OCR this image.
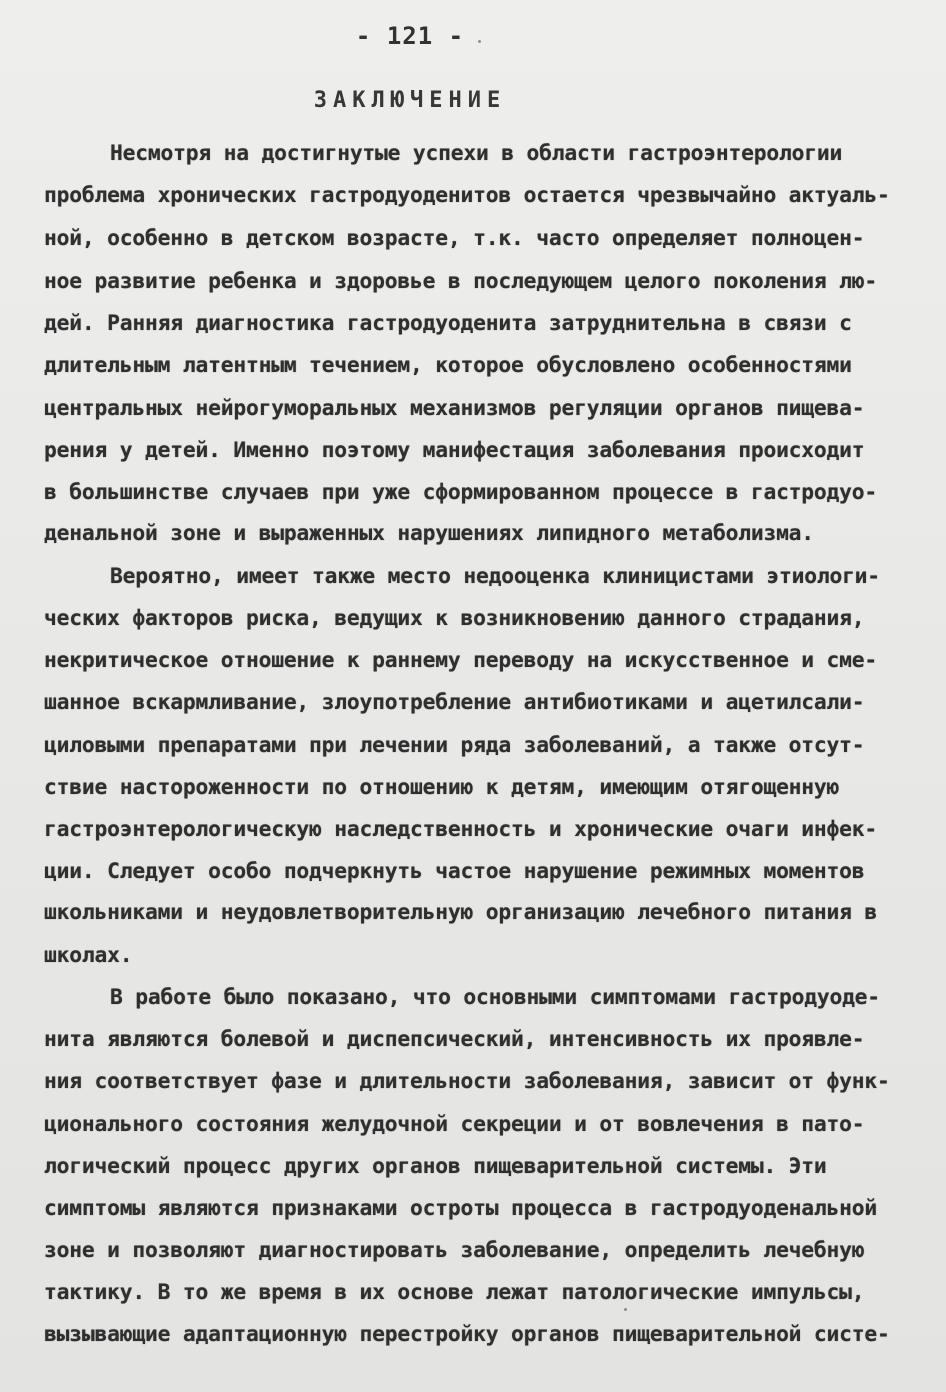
- 121 -
ЗАКЛЮЧЕНИЕ
Несмотря на достигнутые успехи в области гастроэнтерологии
проблема хронических гастродуоденитов остается чрезвычайно актуаль-
ной, особенно в детском возрасте, т.к. часто определяет полноцен-
ное развитие ребенка и здоровье в последующем целого поколения лю-
дей. Ранняя диагностика гастродуоденита затруднительна в связи с
длительным латентным течением, которое обусловлено особенностями
центральных нейрогуморальных механизмов регуляции органов пищева-
рения у детей. Именно поэтому манифестация заболевания происходит
в большинстве случаев при уже сформированном процессе в гастродуо-
денальной зоне и выраженных нарушениях липидного метаболизма.
Вероятно, имеет также место недооценка клиницистами этиологи-
ческих факторов риска, ведущих к возникновению данного страдания,
некритическое отношение к раннему переводу на искусственное и сме-
шанное вскармливание, злоупотребление антибиотиками и ацетилсали-
циловыми препаратами при лечении ряда заболеваний, а также отсут-
ствие настороженности по отношению к детям, имеющим отягощенную
гастроэнтерологическую наследственность и хронические очаги инфек-
ции. Следует особо подчеркнуть частое нарушение режимных моментов
школьниками и неудовлетворительную организацию лечебного питания в
школах.
В работе было показано, что основными симптомами гастродуоде-
нита являются болевой и диспепсический, интенсивность их проявле-
ния соответствует фазе и длительности заболевания, зависит от функ-
ционального состояния желудочной секреции и от вовлечения в пато-
логический процесс других органов пищеварительной системы. Эти
симптомы являются признаками остроты процесса в гастродуоденальной
зоне и позволяют диагностировать заболевание, определить лечебную
тактику. В то же время в их основе лежат патологические импульсы,
вызывающие адаптационную перестройку органов пищеварительной систе-
